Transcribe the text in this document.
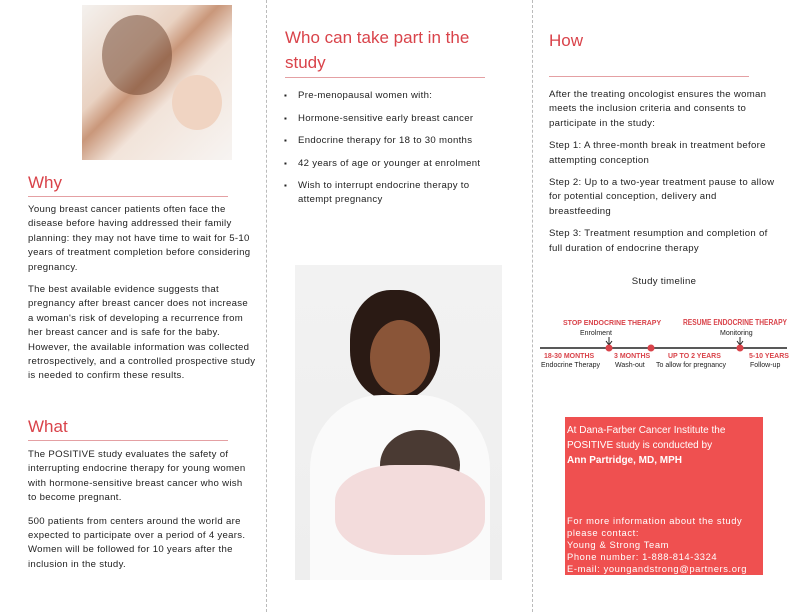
Why

Young breast cancer patients often face the disease before having addressed their family planning: they may not have time to wait for 5-10 years of treatment completion before considering pregnancy.

The best available evidence suggests that pregnancy after breast cancer does not increase a woman's risk of developing a recurrence from her breast cancer and is safe for the baby. However, the available information was collected retrospectively, and a controlled prospective study is needed to confirm these results.

What

The POSITIVE study evaluates the safety of interrupting endocrine therapy for young women with hormone-sensitive breast cancer who wish to become pregnant.

500 patients from centers around the world are expected to participate over a period of 4 years. Women will be followed for 10 years after the inclusion in the study.

Who can take part in the study
▪ Pre-menopausal women with:
▪ Hormone-sensitive early breast cancer
▪ Endocrine therapy for 18 to 30 months
▪ 42 years of age or younger at enrolment
▪ Wish to interrupt endocrine therapy to attempt pregnancy
How

After the treating oncologist ensures the woman meets the inclusion criteria and consents to participate in the study:

Step 1: A three-month break in treatment before attempting conception

Step 2: Up to a two-year treatment pause to allow for potential conception, delivery and breastfeeding

Step 3: Treatment resumption and completion of full duration of endocrine therapy

Study timeline
STOP ENDOCRINE THERAPY
Enrolment
RESUME ENDOCRINE THERAPY
Monitoring
18-30 MONTHS
Endocrine Therapy
3 MONTHS
Wash-out
UP TO 2 YEARS
To allow for pregnancy
5-10 YEARS
Follow-up
At Dana-Farber Cancer Institute the POSITIVE study is conducted by
Ann Partridge, MD, MPH
For more information about the study please contact:
Young & Strong Team
Phone number: 1-888-814-3324
E-mail: youngandstrong@partners.org
